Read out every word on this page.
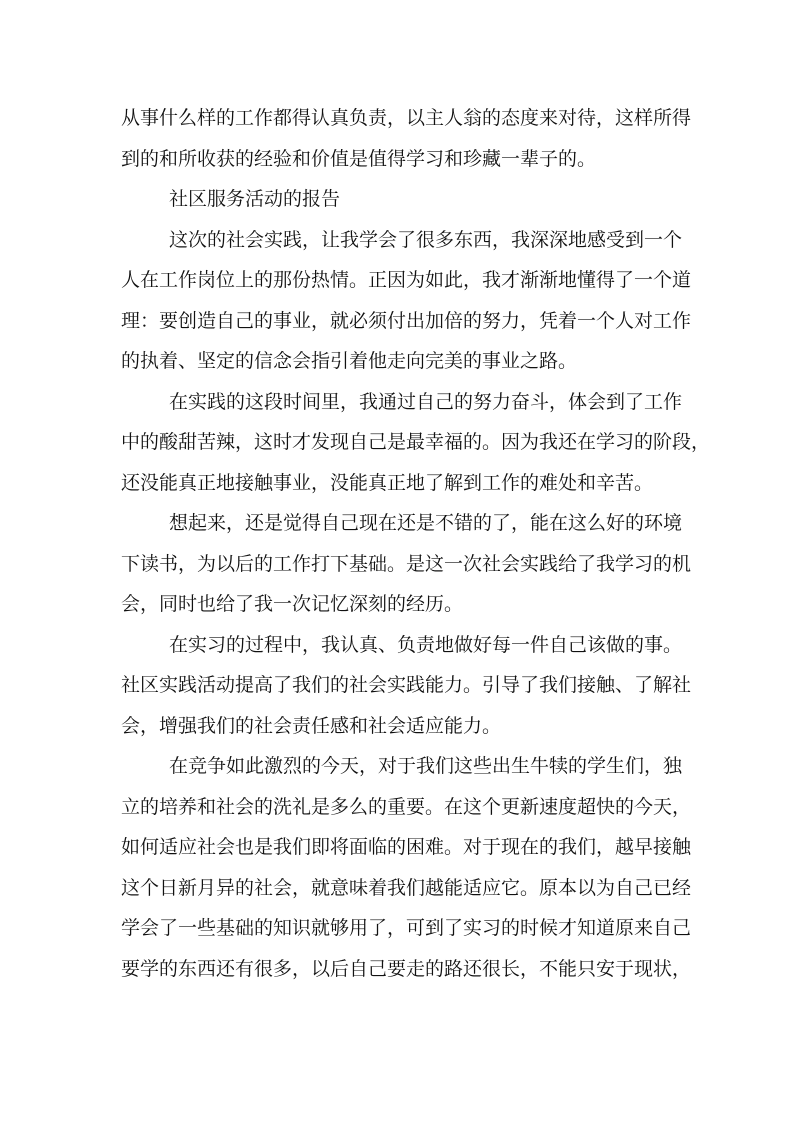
从事什么样的工作都得认真负责，以主人翁的态度来对待，这样所得
到的和所收获的经验和价值是值得学习和珍藏一辈子的。
社区服务活动的报告
这次的社会实践，让我学会了很多东西，我深深地感受到一个
人在工作岗位上的那份热情。正因为如此，我才渐渐地懂得了一个道
理：要创造自己的事业，就必须付出加倍的努力，凭着一个人对工作
的执着、坚定的信念会指引着他走向完美的事业之路。
在实践的这段时间里，我通过自己的努力奋斗，体会到了工作
中的酸甜苦辣，这时才发现自己是最幸福的。因为我还在学习的阶段，
还没能真正地接触事业，没能真正地了解到工作的难处和辛苦。
想起来，还是觉得自己现在还是不错的了，能在这么好的环境
下读书，为以后的工作打下基础。是这一次社会实践给了我学习的机
会，同时也给了我一次记忆深刻的经历。
在实习的过程中，我认真、负责地做好每一件自己该做的事。
社区实践活动提高了我们的社会实践能力。引导了我们接触、了解社
会，增强我们的社会责任感和社会适应能力。
在竞争如此激烈的今天，对于我们这些出生牛犊的学生们，独
立的培养和社会的洗礼是多么的重要。在这个更新速度超快的今天，
如何适应社会也是我们即将面临的困难。对于现在的我们，越早接触
这个日新月异的社会，就意味着我们越能适应它。原本以为自己已经
学会了一些基础的知识就够用了，可到了实习的时候才知道原来自己
要学的东西还有很多，以后自己要走的路还很长，不能只安于现状，
